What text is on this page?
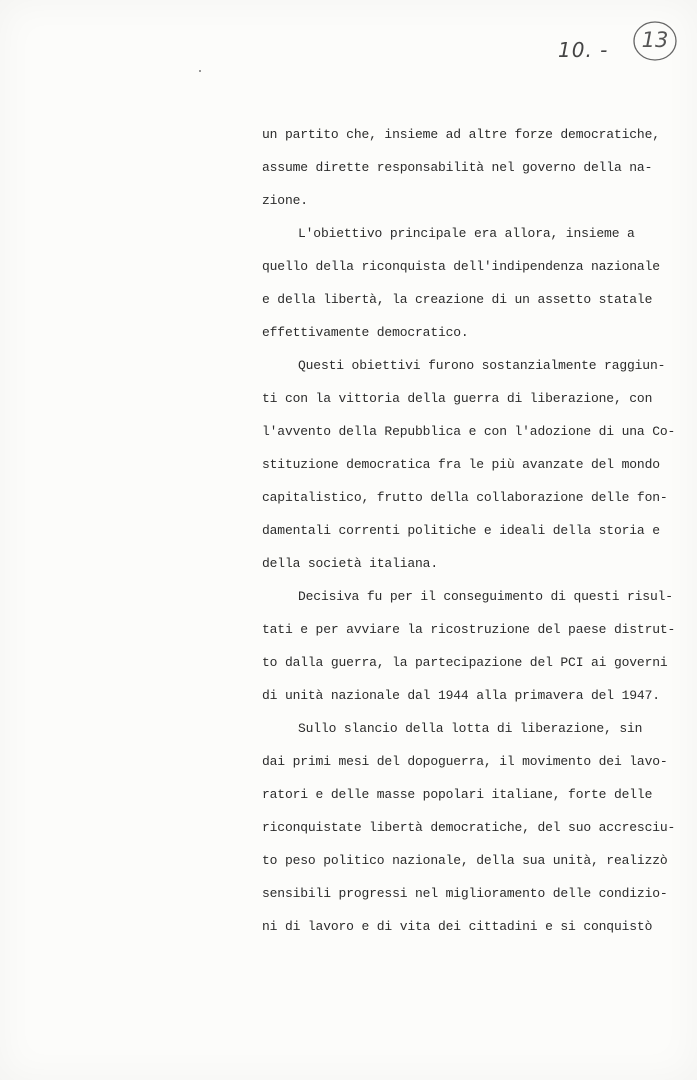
10. -	13
un partito che, insieme ad altre forze democratiche,
assume dirette responsabilità nel governo della na-
zione.
L'obiettivo principale era allora, insieme a
quello della riconquista dell'indipendenza nazionale
e della libertà, la creazione di un assetto statale
effettivamente democratico.
Questi obiettivi furono sostanzialmente raggiun-
ti con la vittoria della guerra di liberazione, con
l'avvento della Repubblica e con l'adozione di una Co-
stituzione democratica fra le più avanzate del mondo
capitalistico, frutto della collaborazione delle fon-
damentali correnti politiche e ideali della storia e
della società italiana.
Decisiva fu per il conseguimento di questi risul-
tati e per avviare la ricostruzione del paese distrut-
to dalla guerra, la partecipazione del PCI ai governi
di unità nazionale dal 1944 alla primavera del 1947.
Sullo slancio della lotta di liberazione, sin
dai primi mesi del dopoguerra, il movimento dei lavo-
ratori e delle masse popolari italiane, forte delle
riconquistate libertà democratiche, del suo accresciu-
to peso politico nazionale, della sua unità, realizzò
sensibili progressi nel miglioramento delle condizio-
ni di lavoro e di vita dei cittadini e si conquistò
